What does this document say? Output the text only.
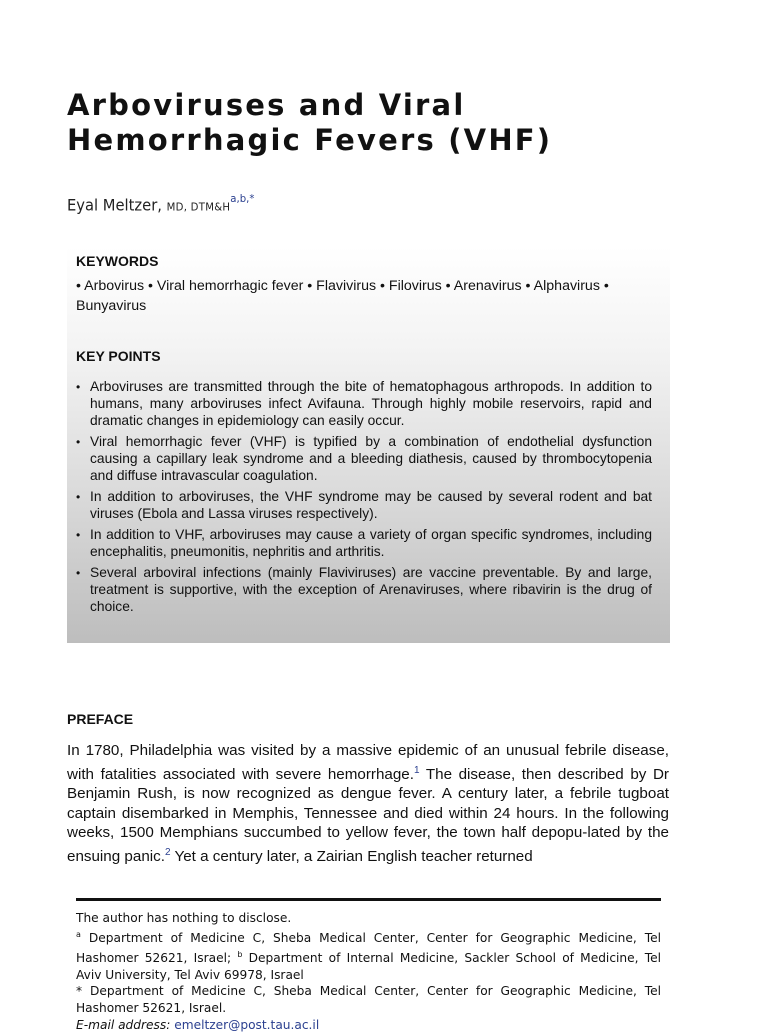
Arboviruses and Viral Hemorrhagic Fevers (VHF)
Eyal Meltzer, MD, $DTM\&H^{a,b,*}$
KEYWORDS
• Arbovirus • Viral hemorrhagic fever • Flavivirus • Filovirus • Arenavirus • Alphavirus • Bunyavirus
KEY POINTS
• Arboviruses are transmitted through the bite of hematophagous arthropods. In addition to humans, many arboviruses infect Avifauna. Through highly mobile reservoirs, rapid and dramatic changes in epidemiology can easily occur.
• Viral hemorrhagic fever (VHF) is typified by a combination of endothelial dysfunction causing a capillary leak syndrome and a bleeding diathesis, caused by thrombocytopenia and diffuse intravascular coagulation.
• In addition to arboviruses, the VHF syndrome may be caused by several rodent and bat viruses (Ebola and Lassa viruses respectively).
• In addition to VHF, arboviruses may cause a variety of organ specific syndromes, including encephalitis, pneumonitis, nephritis and arthritis.
• Several arboviral infections (mainly Flaviviruses) are vaccine preventable. By and large, treatment is supportive, with the exception of Arenaviruses, where ribavirin is the drug of choice.
PREFACE

In 1780, Philadelphia was visited by a massive epidemic of an unusual febrile disease, with fatalities associated with severe hemorrhage.$^1$ The disease, then described by Dr Benjamin Rush, is now recognized as dengue fever. A century later, a febrile tugboat captain disembarked in Memphis, Tennessee and died within 24 hours. In the following weeks, 1500 Memphians succumbed to yellow fever, the town half depopu-lated by the ensuing panic.$^2$ Yet a century later, a Zairian English teacher returned

The author has nothing to disclose.

$^a$ Department of Medicine C, Sheba Medical Center, Center for Geographic Medicine, Tel Hashomer 52621, Israel; $^b$ Department of Internal Medicine, Sackler School of Medicine, Tel Aviv University, Tel Aviv 69978, Israel

* Department of Medicine C, Sheba Medical Center, Center for Geographic Medicine, Tel Hashomer 52621, Israel.

E-mail address: emeltzer@post.tau.ac.il
